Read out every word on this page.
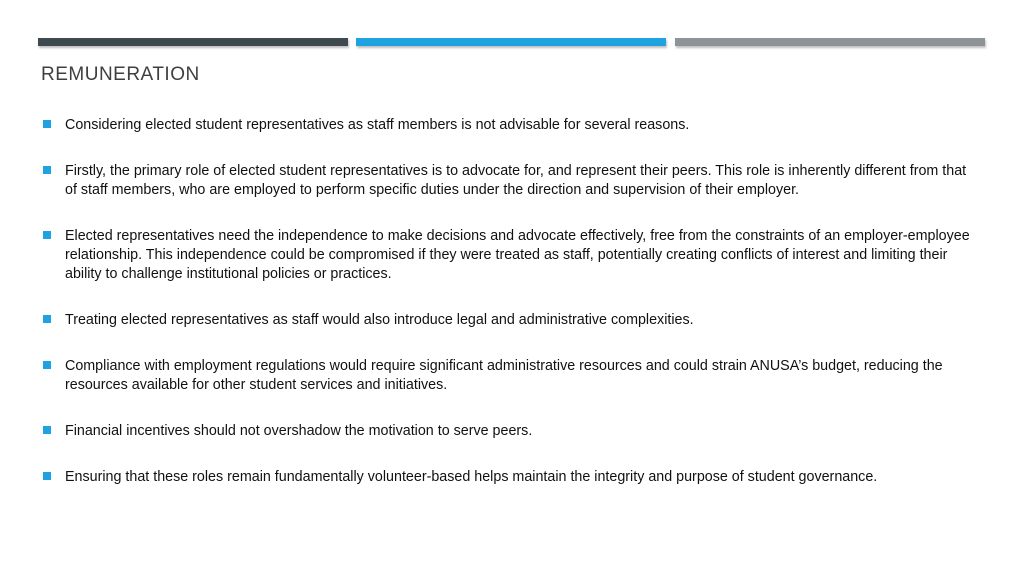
REMUNERATION
Considering elected student representatives as staff members is not advisable for several reasons.
Firstly, the primary role of elected student representatives is to advocate for, and represent their peers. This role is inherently different from that of staff members, who are employed to perform specific duties under the direction and supervision of their employer.
Elected representatives need the independence to make decisions and advocate effectively, free from the constraints of an employer-employee relationship. This independence could be compromised if they were treated as staff, potentially creating conflicts of interest and limiting their ability to challenge institutional policies or practices.
Treating elected representatives as staff would also introduce legal and administrative complexities.
Compliance with employment regulations would require significant administrative resources and could strain ANUSA’s budget, reducing the resources available for other student services and initiatives.
Financial incentives should not overshadow the motivation to serve peers.
Ensuring that these roles remain fundamentally volunteer-based helps maintain the integrity and purpose of student governance.
